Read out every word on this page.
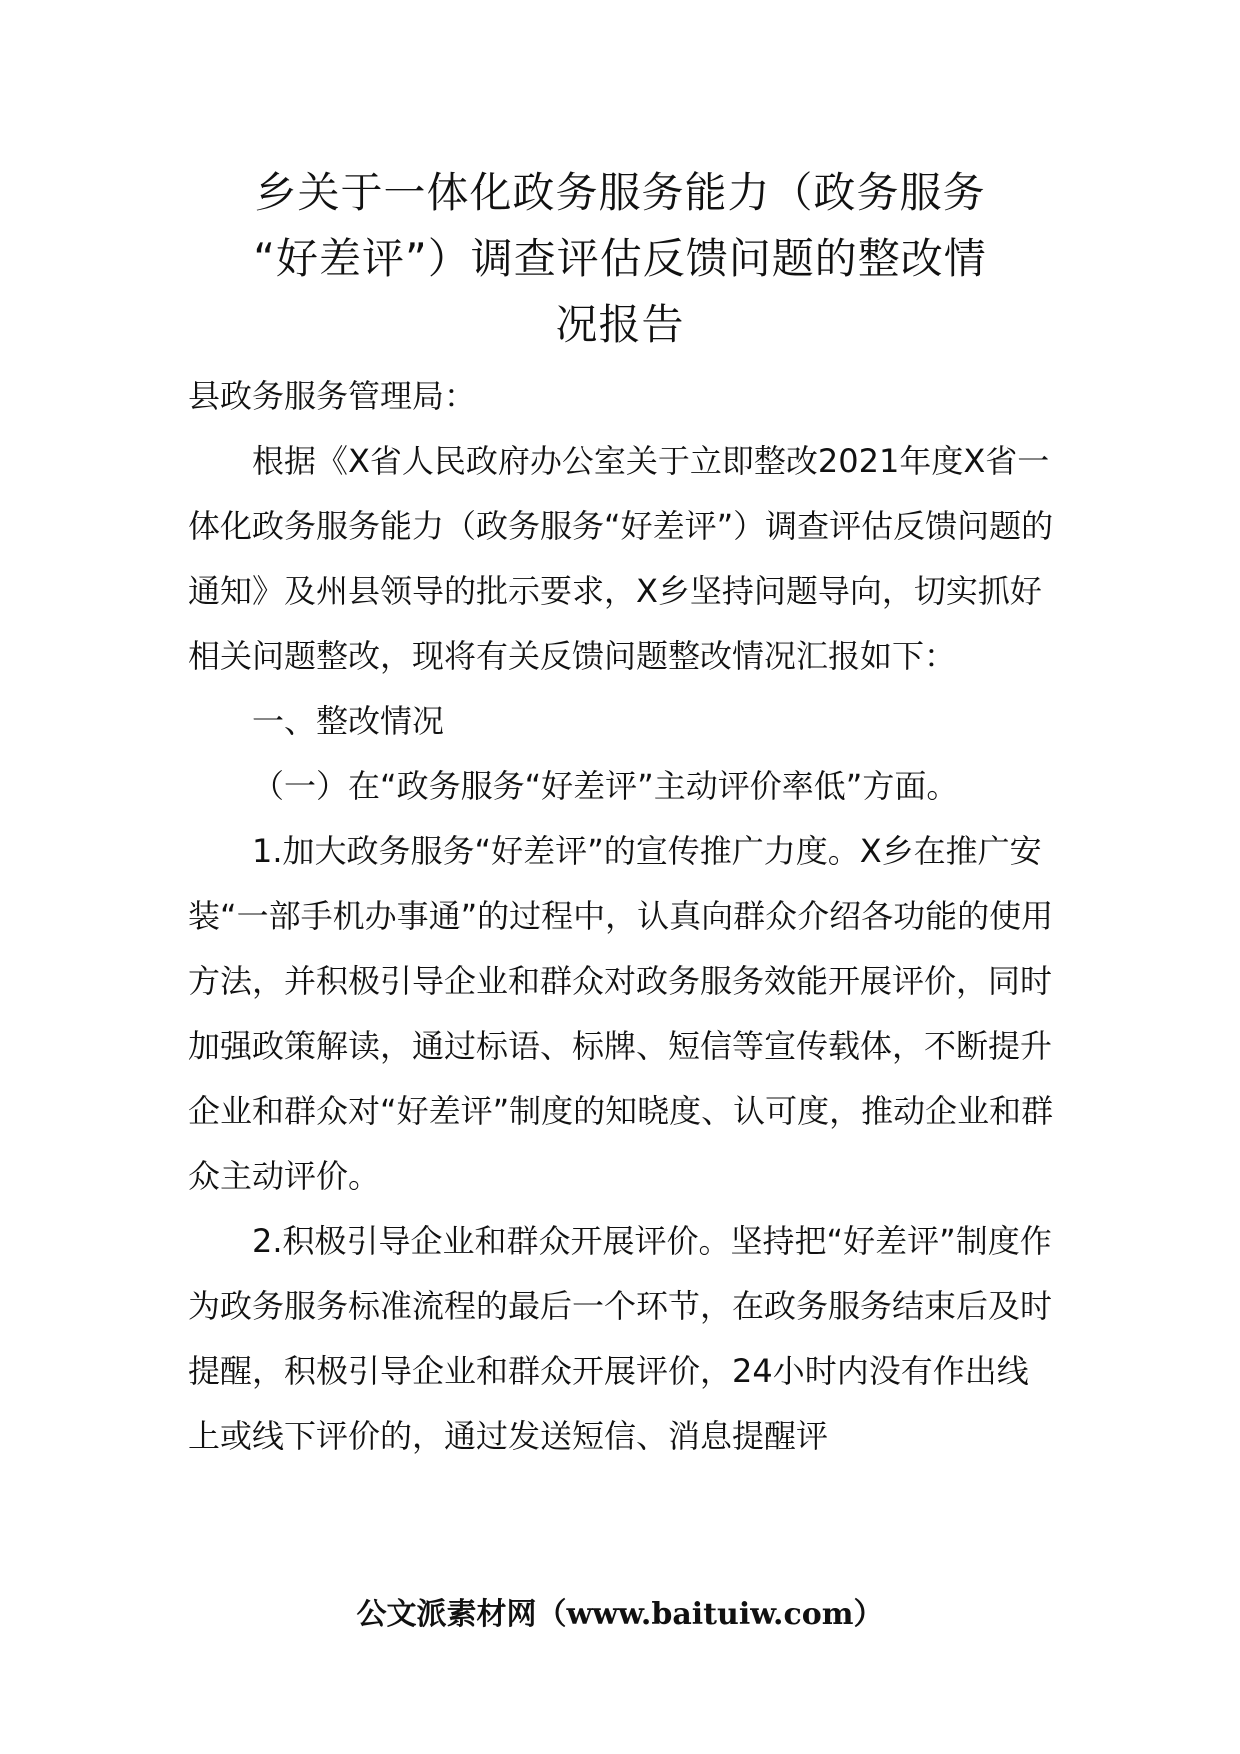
乡关于一体化政务服务能力（政务服务
“好差评”）调查评估反馈问题的整改情
况报告

县政务服务管理局：

根据《X省人民政府办公室关于立即整改2021年度X省一体化政务服务能力（政务服务“好差评”）调查评估反馈问题的通知》及州县领导的批示要求，X乡坚持问题导向，切实抓好相关问题整改，现将有关反馈问题整改情况汇报如下：

一、整改情况

（一）在“政务服务“好差评”主动评价率低”方面。

1.加大政务服务“好差评”的宣传推广力度。X乡在推广安装“一部手机办事通”的过程中，认真向群众介绍各功能的使用方法，并积极引导企业和群众对政务服务效能开展评价，同时加强政策解读，通过标语、标牌、短信等宣传载体，不断提升企业和群众对“好差评”制度的知晓度、认可度，推动企业和群众主动评价。

2.积极引导企业和群众开展评价。坚持把“好差评”制度作为政务服务标准流程的最后一个环节，在政务服务结束后及时提醒，积极引导企业和群众开展评价，24小时内没有作出线上或线下评价的，通过发送短信、消息提醒评

公文派素材网（www.baituiw.com）
